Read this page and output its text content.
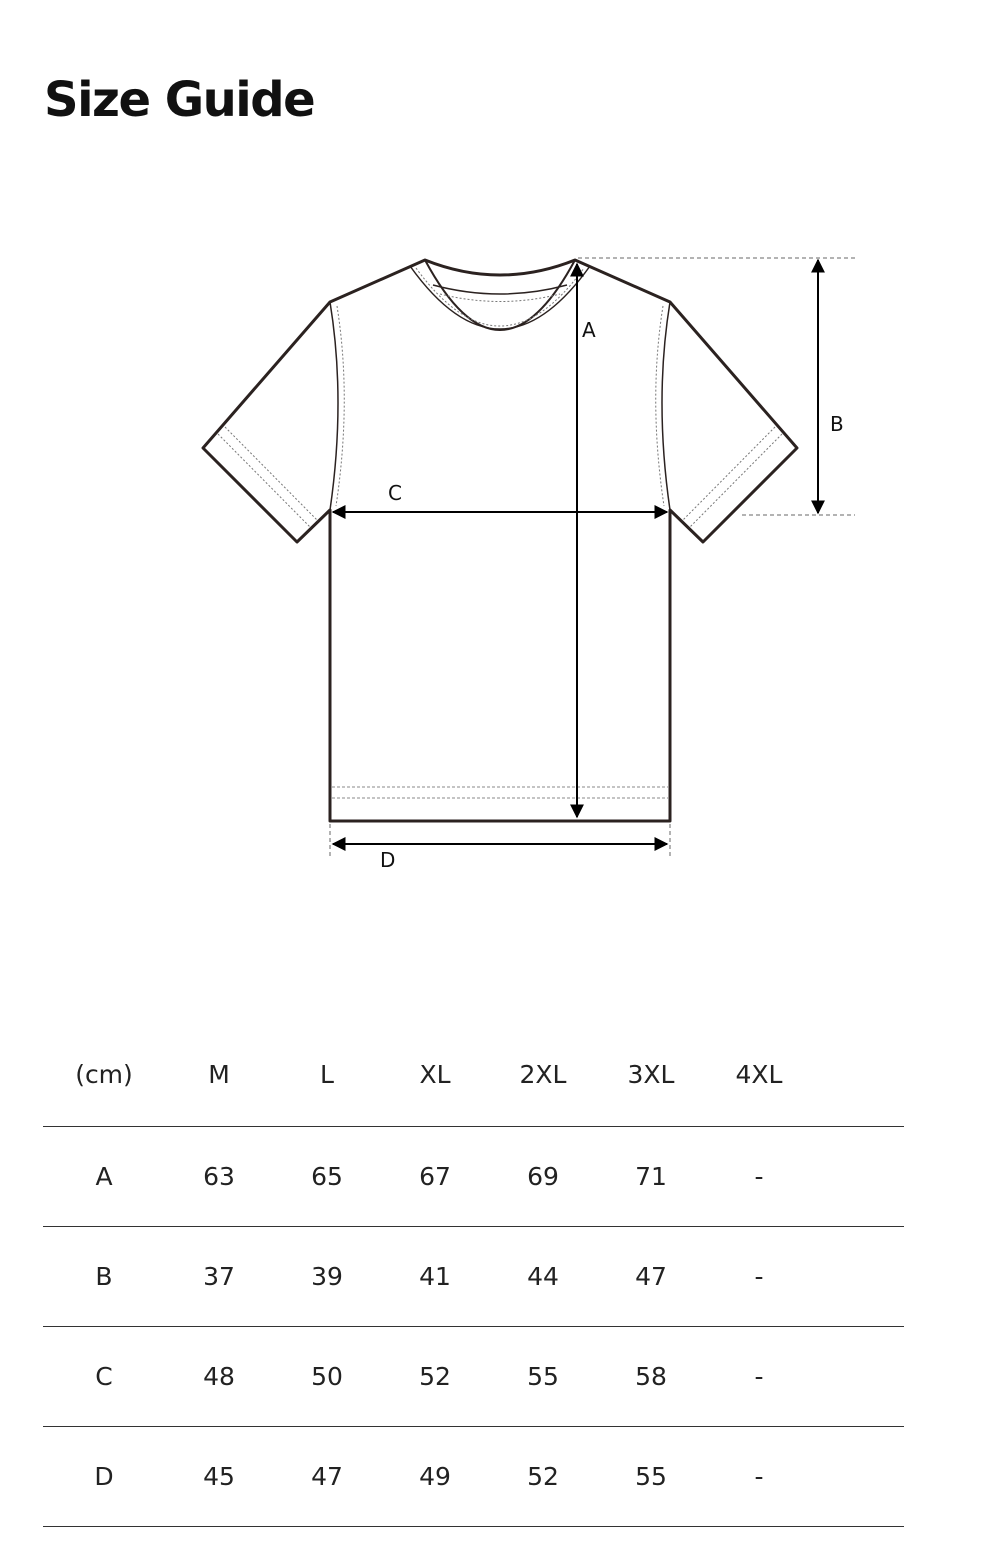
Size Guide
A
B
C
D
(cm)	M	L	XL	2XL	3XL	4XL	
A	63	65	67	69	71	-	
B	37	39	41	44	47	-	
C	48	50	52	55	58	-	
D	45	47	49	52	55	-	
